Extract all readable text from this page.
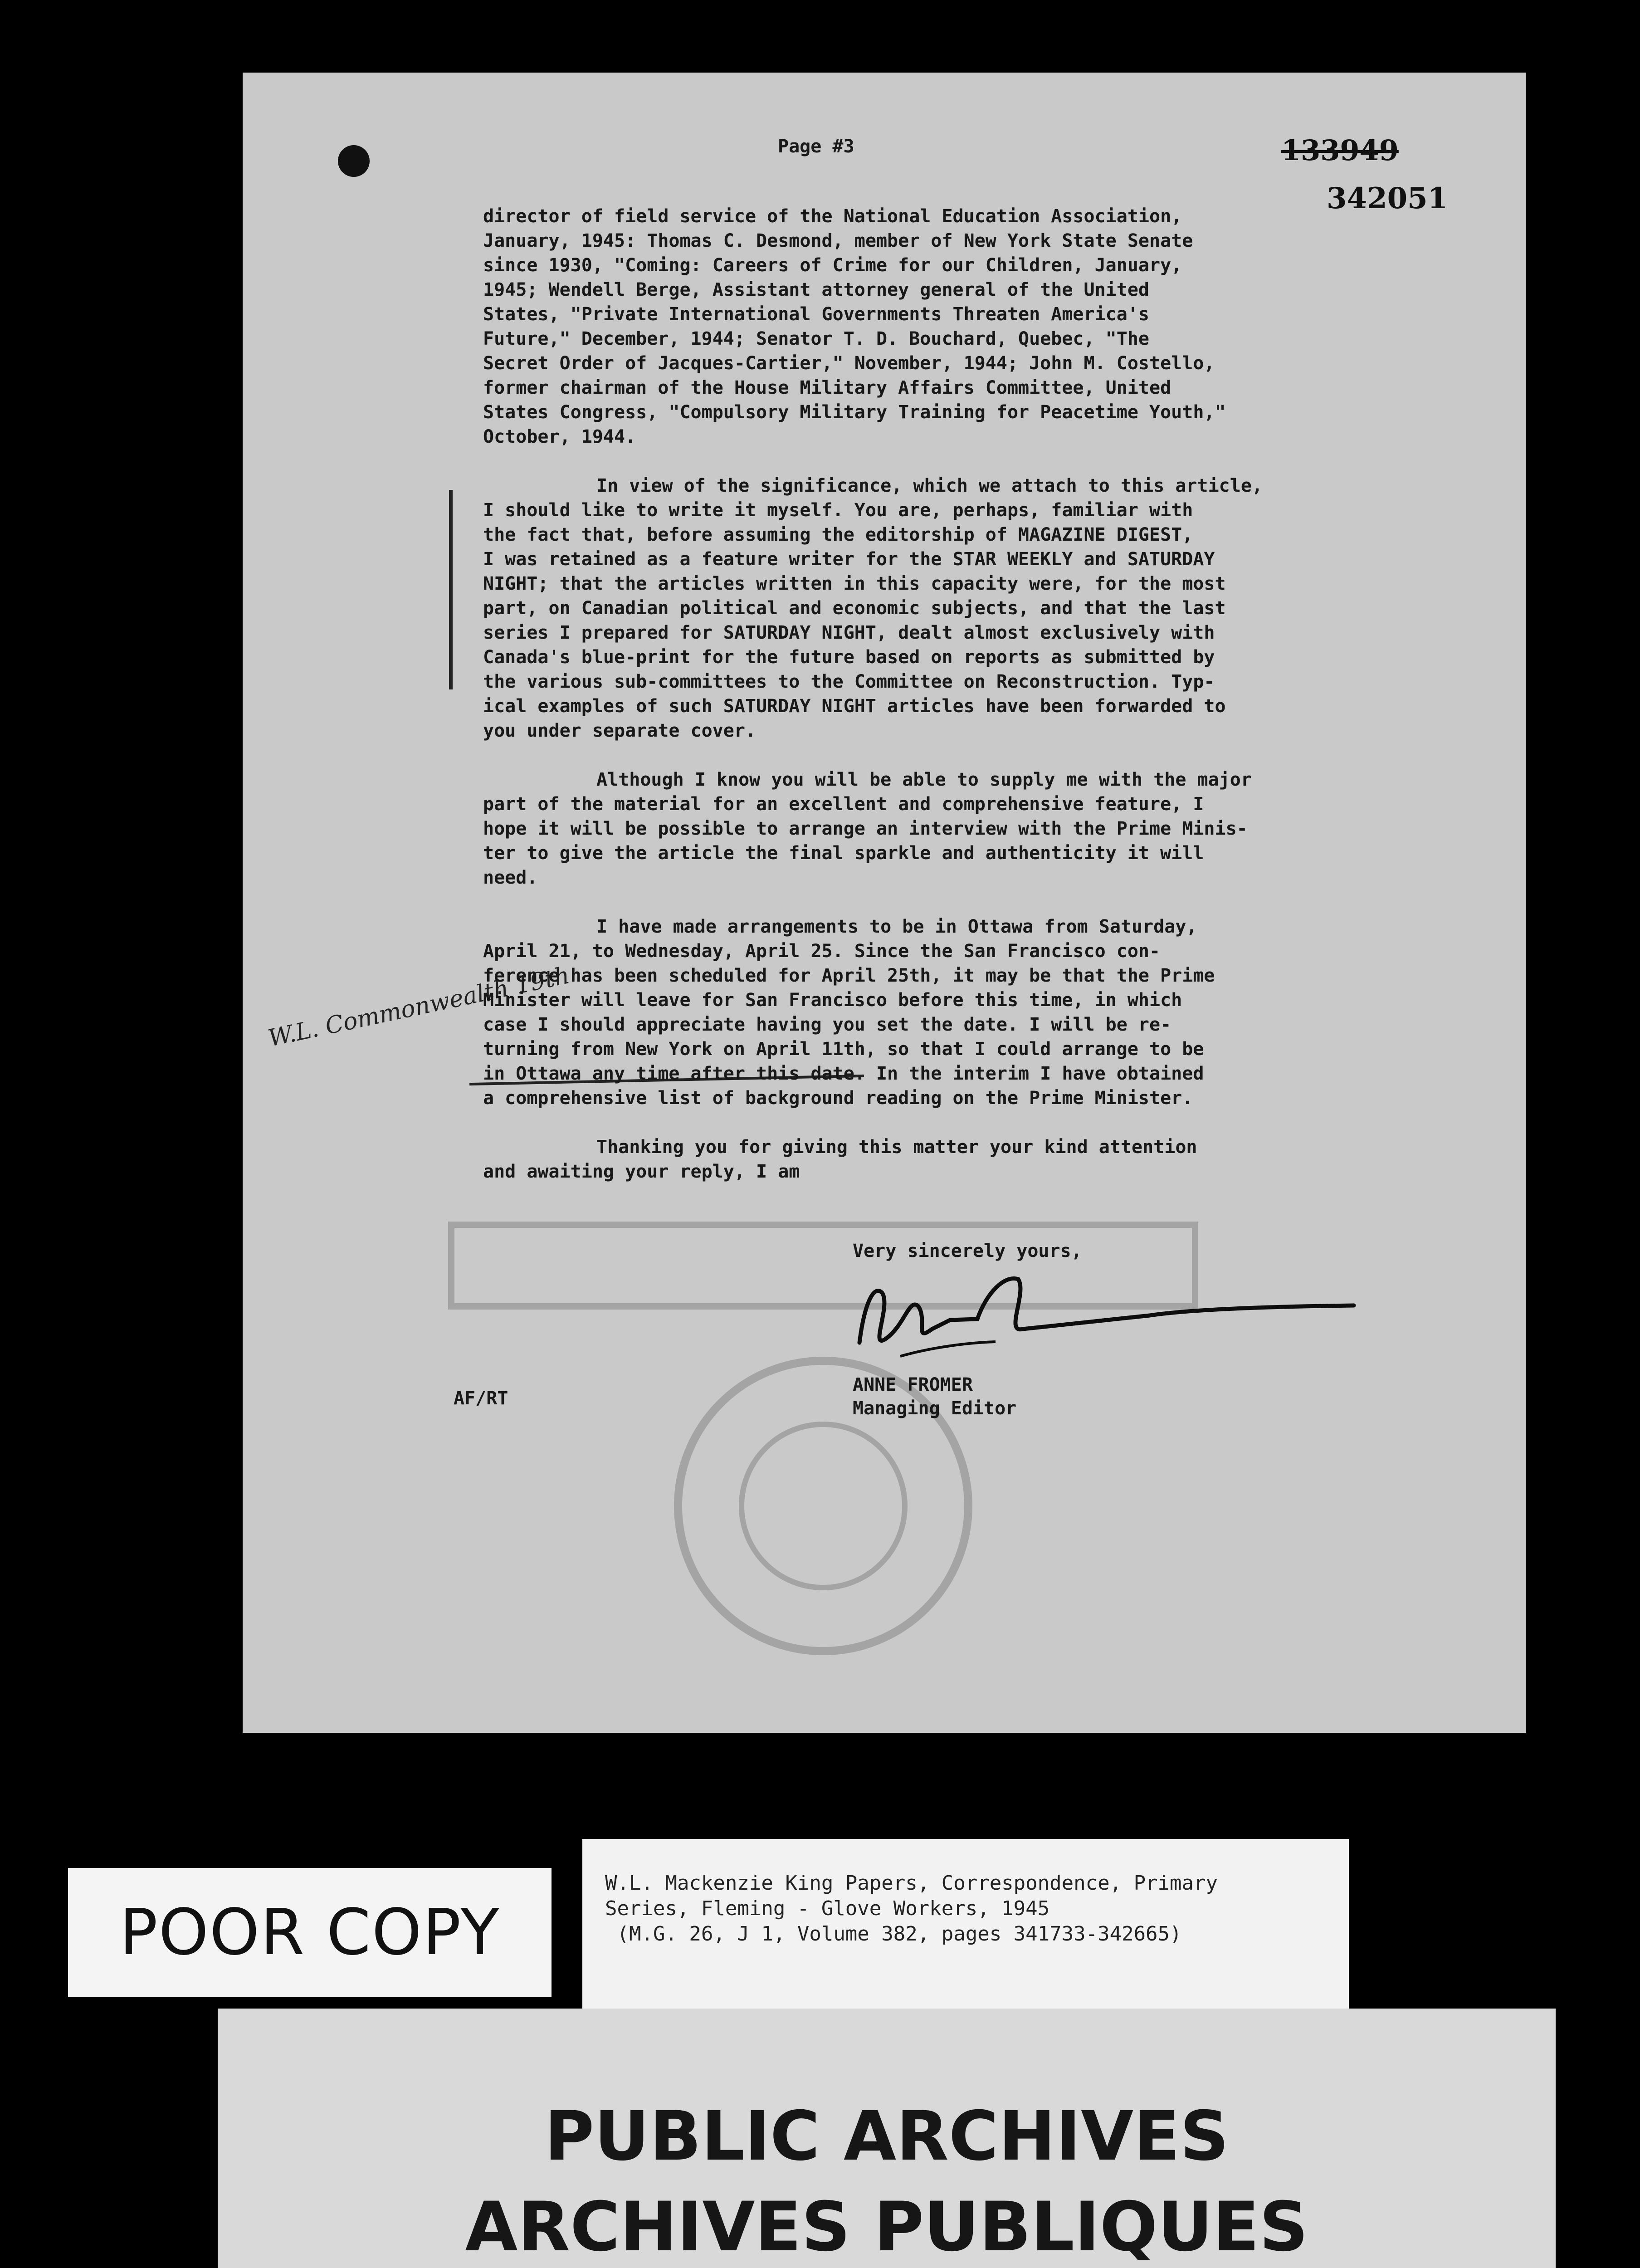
Page #3	133949
342051
W.L. Commonwealth 19th

director of field service of the National Education Association,

January, 1945: Thomas C. Desmond, member of New York State Senate

since 1930, "Coming: Careers of Crime for our Children, January,

1945; Wendell Berge, Assistant attorney general of the United

States, "Private International Governments Threaten America's

Future," December, 1944; Senator T. D. Bouchard, Quebec, "The

Secret Order of Jacques-Cartier," November, 1944; John M. Costello,

former chairman of the House Military Affairs Committee, United

States Congress, "Compulsory Military Training for Peacetime Youth,"

October, 1944.

In view of the significance, which we attach to this article,

I should like to write it myself. You are, perhaps, familiar with

the fact that, before assuming the editorship of MAGAZINE DIGEST,

I was retained as a feature writer for the STAR WEEKLY and SATURDAY

NIGHT; that the articles written in this capacity were, for the most

part, on Canadian political and economic subjects, and that the last

series I prepared for SATURDAY NIGHT, dealt almost exclusively with

Canada's blue-print for the future based on reports as submitted by

the various sub-committees to the Committee on Reconstruction. Typ-

ical examples of such SATURDAY NIGHT articles have been forwarded to

you under separate cover.

Although I know you will be able to supply me with the major

part of the material for an excellent and comprehensive feature, I

hope it will be possible to arrange an interview with the Prime Minis-

ter to give the article the final sparkle and authenticity it will

need.

I have made arrangements to be in Ottawa from Saturday,

April 21, to Wednesday, April 25. Since the San Francisco con-

ference has been scheduled for April 25th, it may be that the Prime

Minister will leave for San Francisco before this time, in which

case I should appreciate having you set the date. I will be re-

turning from New York on April 11th, so that I could arrange to be

in Ottawa any time after this date. In the interim I have obtained

a comprehensive list of background reading on the Prime Minister.

Thanking you for giving this matter your kind attention

and awaiting your reply, I am

Very sincerely yours,
ANNE FROMER
Managing Editor
AF/RT
POOR COPY

W.L. Mackenzie King Papers, Correspondence, Primary

Series, Fleming - Glove Workers, 1945

(M.G. 26, J 1, Volume 382, pages 341733-342665)

PUBLIC ARCHIVES
ARCHIVES PUBLIQUES
